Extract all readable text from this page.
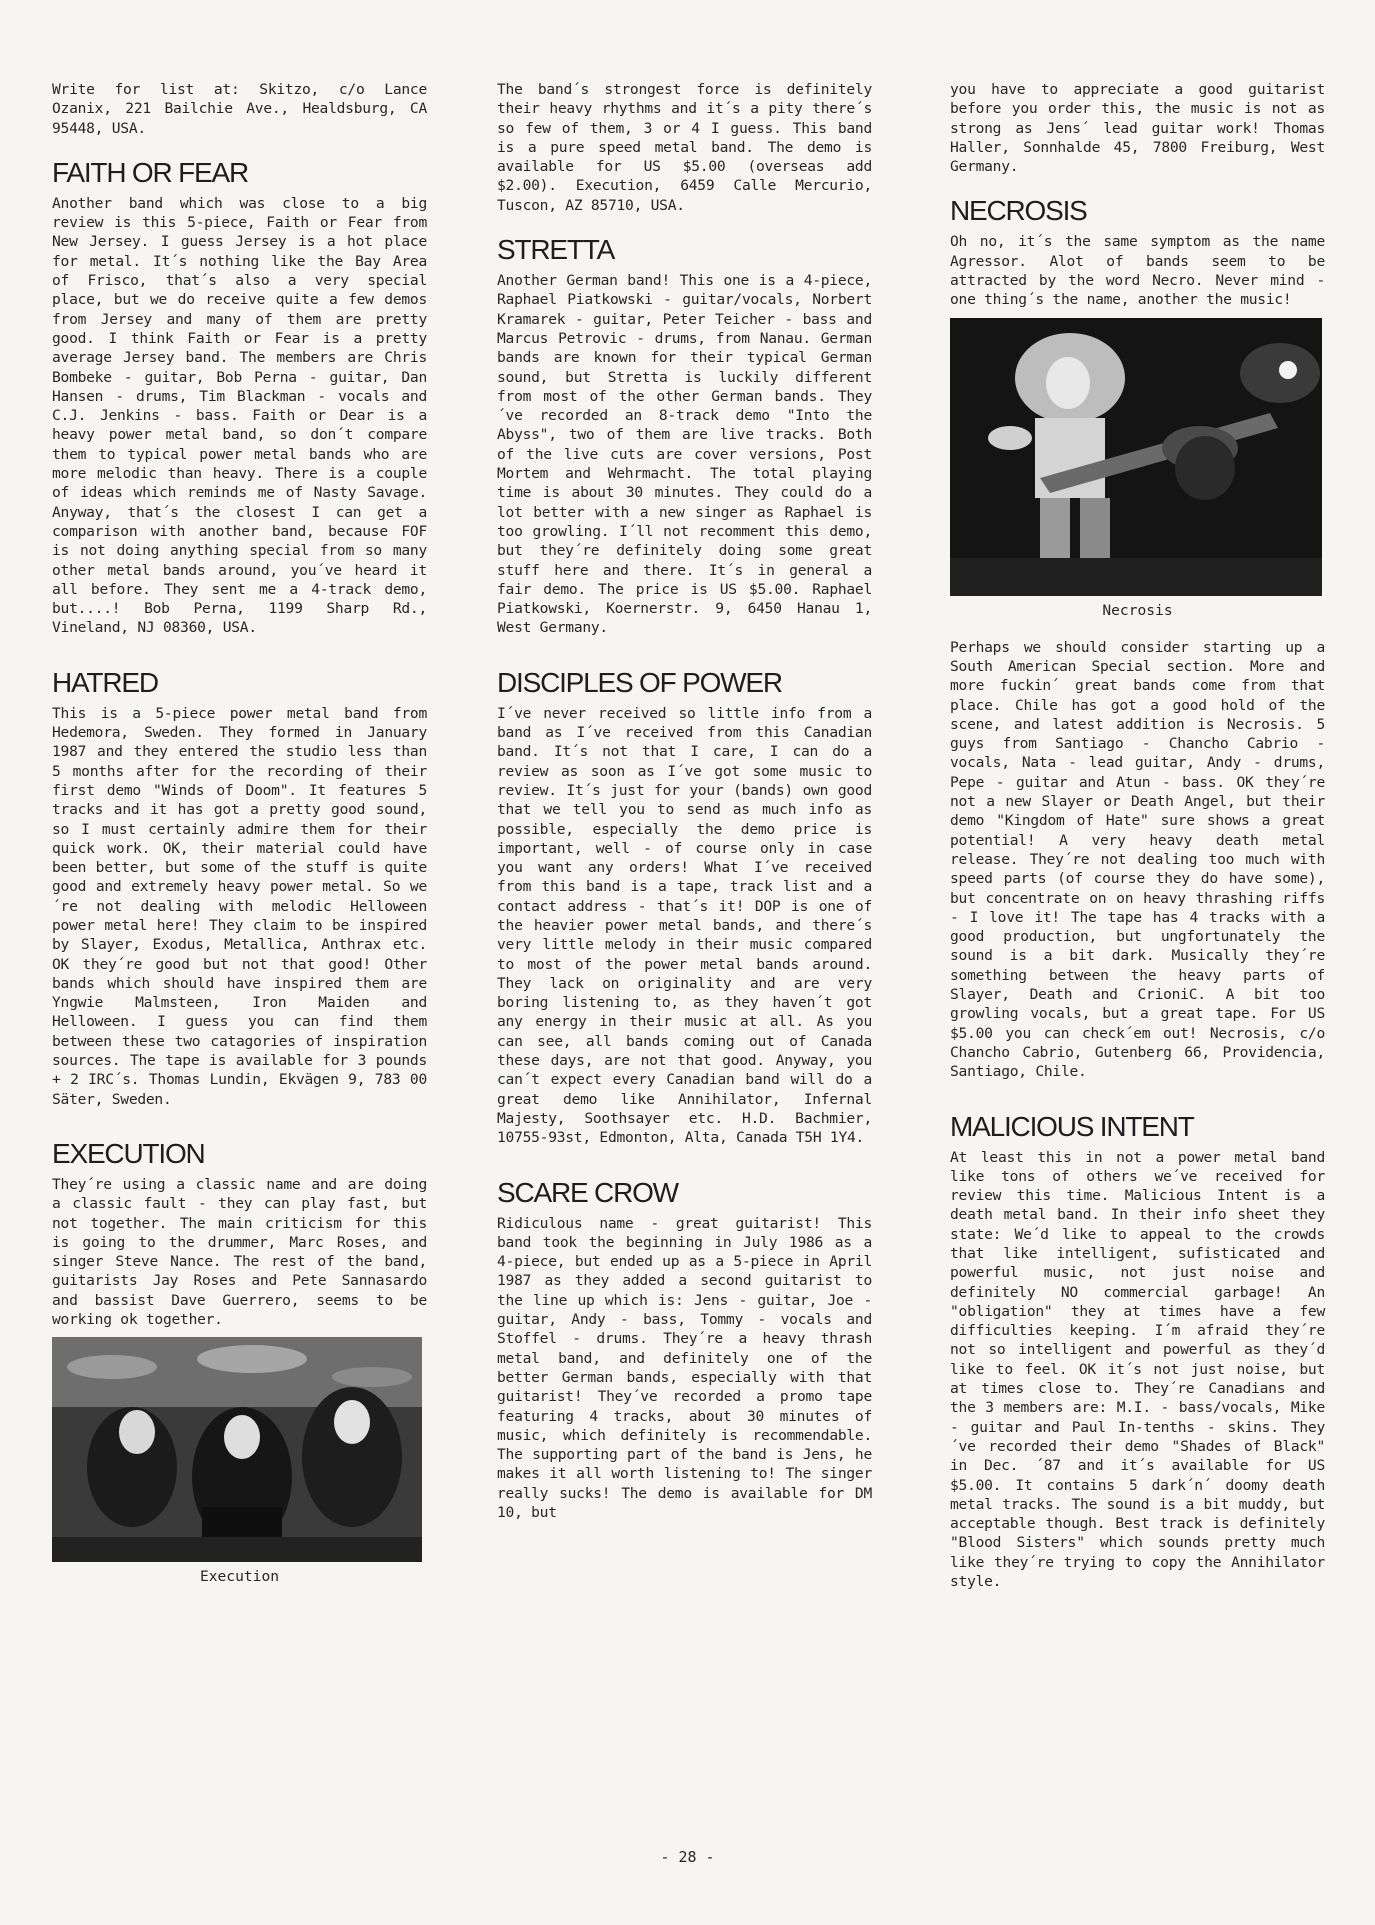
Write for list at: Skitzo, c/o Lance Ozanix, 221 Bailchie Ave., Healdsburg, CA 95448, USA.

FAITH OR FEAR

Another band which was close to a big review is this 5-piece, Faith or Fear from New Jersey. I guess Jersey is a hot place for metal. It´s nothing like the Bay Area of Frisco, that´s also a very special place, but we do receive quite a few demos from Jersey and many of them are pretty good. I think Faith or Fear is a pretty average Jersey band. The members are Chris Bombeke - guitar, Bob Perna - guitar, Dan Hansen - drums, Tim Blackman - vocals and C.J. Jenkins - bass. Faith or Dear is a heavy power metal band, so don´t compare them to typical power metal bands who are more melodic than heavy. There is a couple of ideas which reminds me of Nasty Savage. Anyway, that´s the closest I can get a comparison with another band, because FOF is not doing anything special from so many other metal bands around, you´ve heard it all before. They sent me a 4-track demo, but....! Bob Perna, 1199 Sharp Rd., Vineland, NJ 08360, USA.

HATRED

This is a 5-piece power metal band from Hedemora, Sweden. They formed in January 1987 and they entered the studio less than 5 months after for the recording of their first demo "Winds of Doom". It features 5 tracks and it has got a pretty good sound, so I must certainly admire them for their quick work. OK, their material could have been better, but some of the stuff is quite good and extremely heavy power metal. So we´re not dealing with melodic Helloween power metal here! They claim to be inspired by Slayer, Exodus, Metallica, Anthrax etc. OK they´re good but not that good! Other bands which should have inspired them are Yngwie Malmsteen, Iron Maiden and Helloween. I guess you can find them between these two catagories of inspiration sources. The tape is available for 3 pounds + 2 IRC´s. Thomas Lundin, Ekvägen 9, 783 00 Säter, Sweden.

EXECUTION

They´re using a classic name and are doing a classic fault - they can play fast, but not together. The main criticism for this is going to the drummer, Marc Roses, and singer Steve Nance. The rest of the band, guitarists Jay Roses and Pete Sannasardo and bassist Dave Guerrero, seems to be working ok together.

Execution

The band´s strongest force is definitely their heavy rhythms and it´s a pity there´s so few of them, 3 or 4 I guess. This band is a pure speed metal band. The demo is available for US $5.00 (overseas add $2.00). Execution, 6459 Calle Mercurio, Tuscon, AZ 85710, USA.

STRETTA

Another German band! This one is a 4-piece, Raphael Piatkowski - guitar/vocals, Norbert Kramarek - guitar, Peter Teicher - bass and Marcus Petrovic - drums, from Nanau. German bands are known for their typical German sound, but Stretta is luckily different from most of the other German bands. They´ve recorded an 8-track demo "Into the Abyss", two of them are live tracks. Both of the live cuts are cover versions, Post Mortem and Wehrmacht. The total playing time is about 30 minutes. They could do a lot better with a new singer as Raphael is too growling. I´ll not recomment this demo, but they´re definitely doing some great stuff here and there. It´s in general a fair demo. The price is US $5.00. Raphael Piatkowski, Koernerstr. 9, 6450 Hanau 1, West Germany.

DISCIPLES OF POWER

I´ve never received so little info from a band as I´ve received from this Canadian band. It´s not that I care, I can do a review as soon as I´ve got some music to review. It´s just for your (bands) own good that we tell you to send as much info as possible, especially the demo price is important, well - of course only in case you want any orders! What I´ve received from this band is a tape, track list and a contact address - that´s it! DOP is one of the heavier power metal bands, and there´s very little melody in their music compared to most of the power metal bands around. They lack on originality and are very boring listening to, as they haven´t got any energy in their music at all. As you can see, all bands coming out of Canada these days, are not that good. Anyway, you can´t expect every Canadian band will do a great demo like Annihilator, Infernal Majesty, Soothsayer etc. H.D. Bachmier, 10755-93st, Edmonton, Alta, Canada T5H 1Y4.

SCARE CROW

Ridiculous name - great guitarist! This band took the beginning in July 1986 as a 4-piece, but ended up as a 5-piece in April 1987 as they added a second guitarist to the line up which is: Jens - guitar, Joe - guitar, Andy - bass, Tommy - vocals and Stoffel - drums. They´re a heavy thrash metal band, and definitely one of the better German bands, especially with that guitarist! They´ve recorded a promo tape featuring 4 tracks, about 30 minutes of music, which definitely is recommendable. The supporting part of the band is Jens, he makes it all worth listening to! The singer really sucks! The demo is available for DM 10, but

you have to appreciate a good guitarist before you order this, the music is not as strong as Jens´ lead guitar work! Thomas Haller, Sonnhalde 45, 7800 Freiburg, West Germany.

NECROSIS

Oh no, it´s the same symptom as the name Agressor. Alot of bands seem to be attracted by the word Necro. Never mind - one thing´s the name, another the music!

Necrosis

Perhaps we should consider starting up a South American Special section. More and more fuckin´ great bands come from that place. Chile has got a good hold of the scene, and latest addition is Necrosis. 5 guys from Santiago - Chancho Cabrio - vocals, Nata - lead guitar, Andy - drums, Pepe - guitar and Atun - bass. OK they´re not a new Slayer or Death Angel, but their demo "Kingdom of Hate" sure shows a great potential! A very heavy death metal release. They´re not dealing too much with speed parts (of course they do have some), but concentrate on on heavy thrashing riffs - I love it! The tape has 4 tracks with a good production, but ungfortunately the sound is a bit dark. Musically they´re something between the heavy parts of Slayer, Death and CrioniC. A bit too growling vocals, but a great tape. For US $5.00 you can check´em out! Necrosis, c/o Chancho Cabrio, Gutenberg 66, Providencia, Santiago, Chile.

MALICIOUS INTENT

At least this in not a power metal band like tons of others we´ve received for review this time. Malicious Intent is a death metal band. In their info sheet they state: We´d like to appeal to the crowds that like intelligent, sufisticated and powerful music, not just noise and definitely NO commercial garbage! An "obligation" they at times have a few difficulties keeping. I´m afraid they´re not so intelligent and powerful as they´d like to feel. OK it´s not just noise, but at times close to. They´re Canadians and the 3 members are: M.I. - bass/vocals, Mike - guitar and Paul In-tenths - skins. They´ve recorded their demo "Shades of Black" in Dec. ´87 and it´s available for US $5.00. It contains 5 dark´n´ doomy death metal tracks. The sound is a bit muddy, but acceptable though. Best track is definitely "Blood Sisters" which sounds pretty much like they´re trying to copy the Annihilator style.

- 28 -
